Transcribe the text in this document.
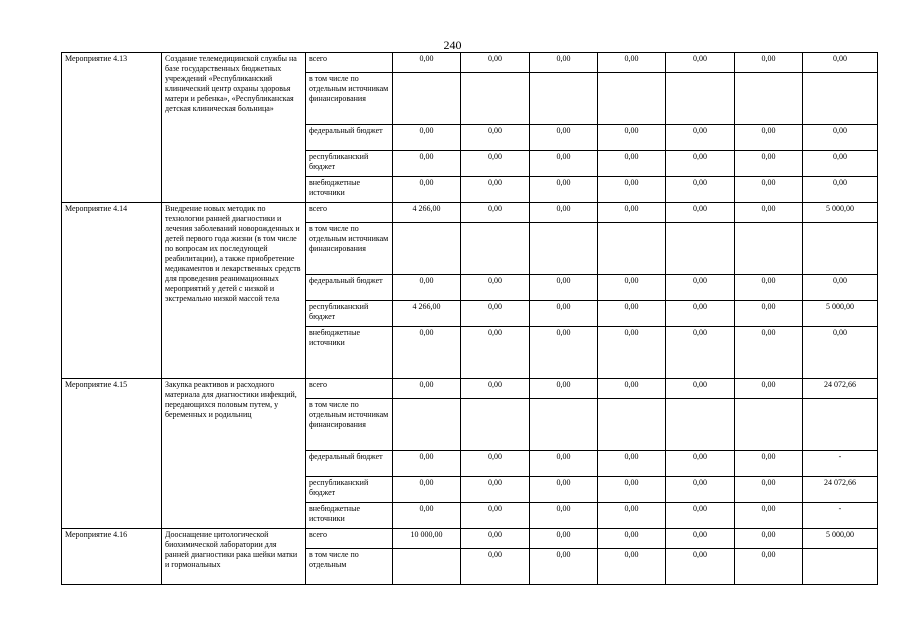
240
Мероприятие 4.13	Создание телемедицинской службы на базе государственных бюджетных учреждений «Республиканский клинический центр охраны здоровья матери и ребенка», «Республиканская детская клиническая больница»	всего	0,00	0,00	0,00	0,00	0,00	0,00	0,00
		в том числе по отдельным источникам финансирования							
		федеральный бюджет	0,00	0,00	0,00	0,00	0,00	0,00	0,00
		республиканский бюджет	0,00	0,00	0,00	0,00	0,00	0,00	0,00
		внебюджетные источники	0,00	0,00	0,00	0,00	0,00	0,00	0,00
Мероприятие 4.14	Внедрение новых методик по технологии ранней диагностики и лечения заболеваний новорожденных и детей первого года жизни (в том числе по вопросам их последующей реабилитации), а также приобретение медикаментов и лекарственных средств для проведения реанимационных мероприятий у детей с низкой и экстремально низкой массой тела	всего	4 266,00	0,00	0,00	0,00	0,00	0,00	5 000,00
		в том числе по отдельным источникам финансирования							
		федеральный бюджет	0,00	0,00	0,00	0,00	0,00	0,00	0,00
		республиканский бюджет	4 266,00	0,00	0,00	0,00	0,00	0,00	5 000,00
		внебюджетные источники	0,00	0,00	0,00	0,00	0,00	0,00	0,00
Мероприятие 4.15	Закупка реактивов и расходного материала для диагностики инфекций, передающихся половым путем, у беременных и родильниц	всего	0,00	0,00	0,00	0,00	0,00	0,00	24 072,66
		в том числе по отдельным источникам финансирования							
		федеральный бюджет	0,00	0,00	0,00	0,00	0,00	0,00	-
		республиканский бюджет	0,00	0,00	0,00	0,00	0,00	0,00	24 072,66
		внебюджетные источники	0,00	0,00	0,00	0,00	0,00	0,00	-
Мероприятие 4.16	Дооснащение цитологической биохимической лаборатории для ранней диагностики рака шейки матки и гормональных	всего	10 000,00	0,00	0,00	0,00	0,00	0,00	5 000,00
		в том числе по отдельным		0,00	0,00	0,00	0,00	0,00	
